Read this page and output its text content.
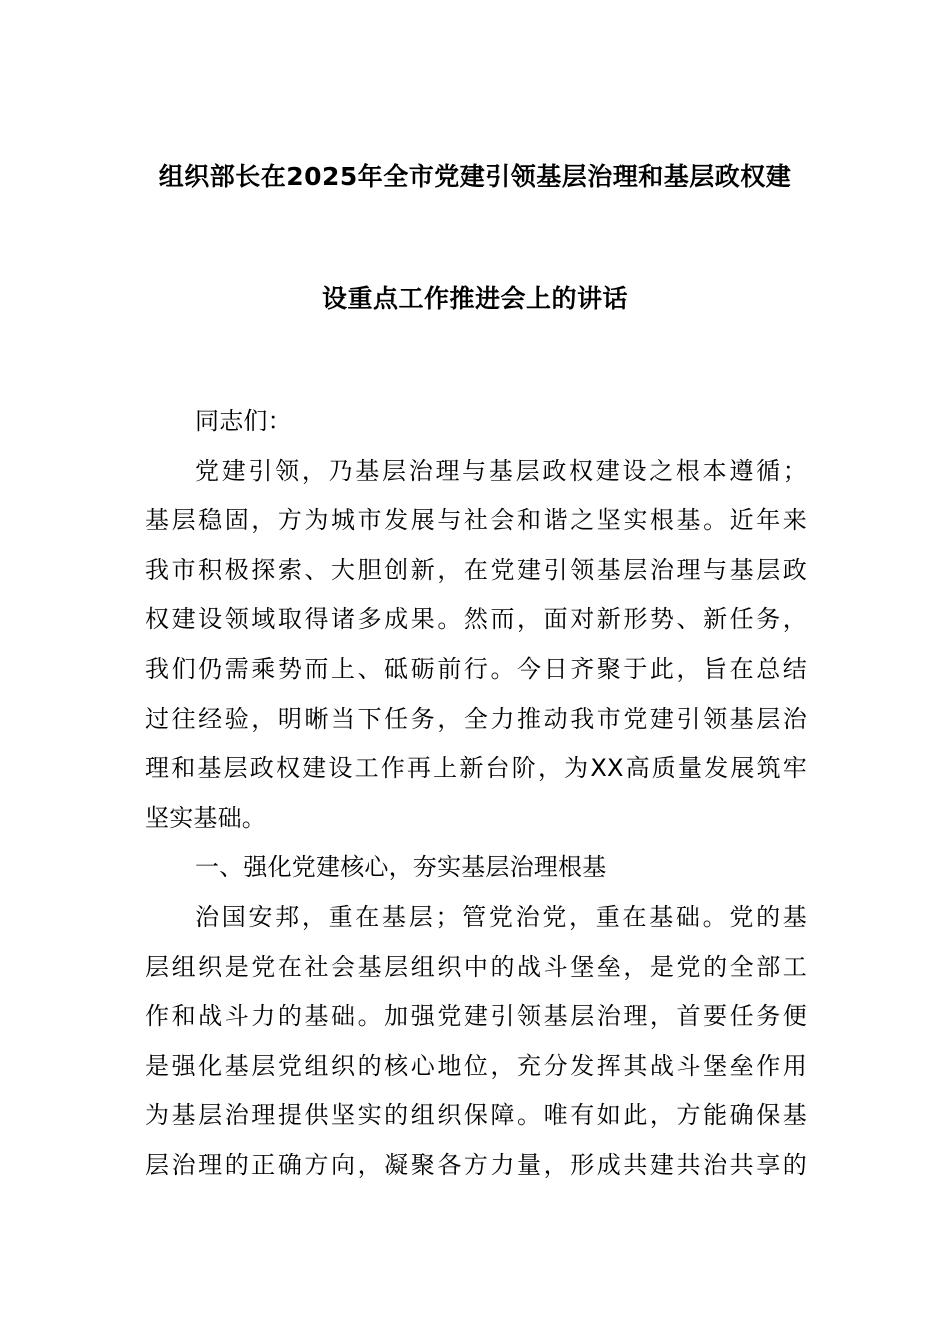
组织部长在2025年全市党建引领基层治理和基层政权建
设重点工作推进会上的讲话
同志们：
党建引领，乃基层治理与基层政权建设之根本遵循；
基层稳固，方为城市发展与社会和谐之坚实根基。近年来
我市积极探索、大胆创新，在党建引领基层治理与基层政
权建设领域取得诸多成果。然而，面对新形势、新任务，
我们仍需乘势而上、砥砺前行。今日齐聚于此，旨在总结
过往经验，明晰当下任务，全力推动我市党建引领基层治
理和基层政权建设工作再上新台阶，为XX高质量发展筑牢
坚实基础。
一、强化党建核心，夯实基层治理根基
治国安邦，重在基层；管党治党，重在基础。党的基
层组织是党在社会基层组织中的战斗堡垒，是党的全部工
作和战斗力的基础。加强党建引领基层治理，首要任务便
是强化基层党组织的核心地位，充分发挥其战斗堡垒作用
为基层治理提供坚实的组织保障。唯有如此，方能确保基
层治理的正确方向，凝聚各方力量，形成共建共治共享的
